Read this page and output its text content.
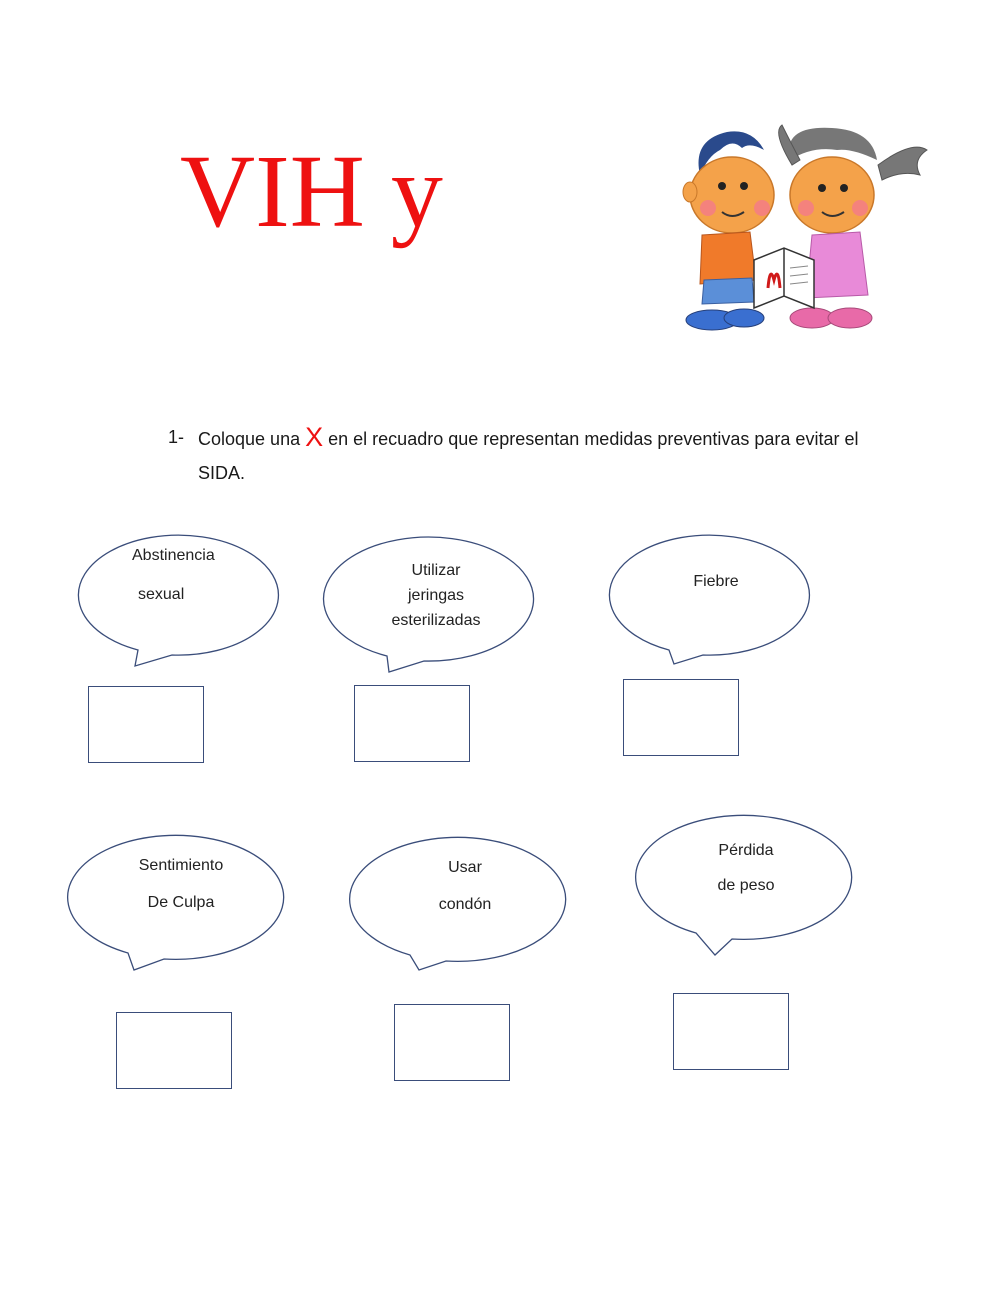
VIH y
1- Coloque una X en el recuadro que representan medidas preventivas para evitar el SIDA.
Abstinencia
sexual
Utilizar
jeringas
esterilizadas
Fiebre
Sentimiento
De Culpa
Usar
condón
Pérdida
de peso
